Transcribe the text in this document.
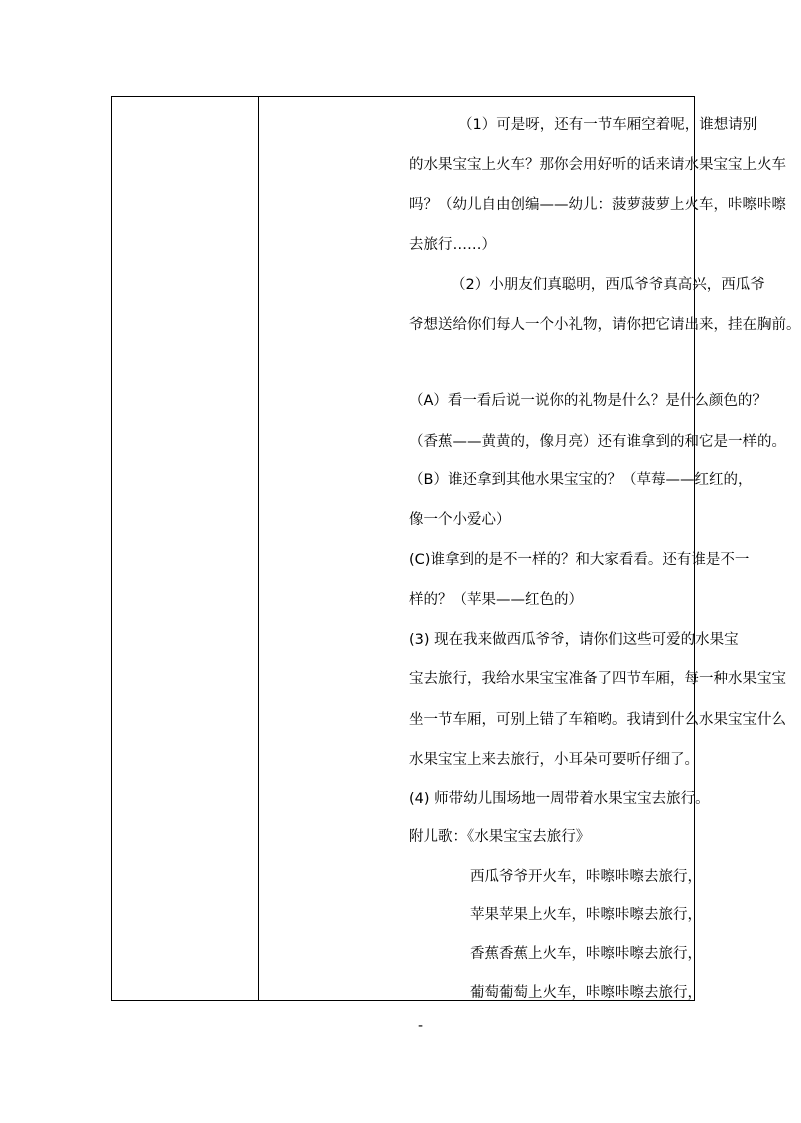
（1）可是呀，还有一节车厢空着呢，谁想请别
的水果宝宝上火车？那你会用好听的话来请水果宝宝上火车
吗？（幼儿自由创编——幼儿：菠萝菠萝上火车，咔嚓咔嚓
去旅行……）
（2）小朋友们真聪明，西瓜爷爷真高兴，西瓜爷
爷想送给你们每人一个小礼物，请你把它请出来，挂在胸前。
（A）看一看后说一说你的礼物是什么？是什么颜色的？
（香蕉——黄黄的，像月亮）还有谁拿到的和它是一样的。
（B）谁还拿到其他水果宝宝的？（草莓——红红的，
像一个小爱心）
(C)谁拿到的是不一样的？和大家看看。还有谁是不一
样的？（苹果——红色的）
(3) 现在我来做西瓜爷爷，请你们这些可爱的水果宝
宝去旅行，我给水果宝宝准备了四节车厢，每一种水果宝宝
坐一节车厢，可别上错了车箱哟。我请到什么水果宝宝什么
水果宝宝上来去旅行，小耳朵可要听仔细了。
(4) 师带幼儿围场地一周带着水果宝宝去旅行。
附儿歌：《水果宝宝去旅行》
西瓜爷爷开火车，咔嚓咔嚓去旅行，
苹果苹果上火车，咔嚓咔嚓去旅行，
香蕉香蕉上火车，咔嚓咔嚓去旅行，
葡萄葡萄上火车，咔嚓咔嚓去旅行，
-
